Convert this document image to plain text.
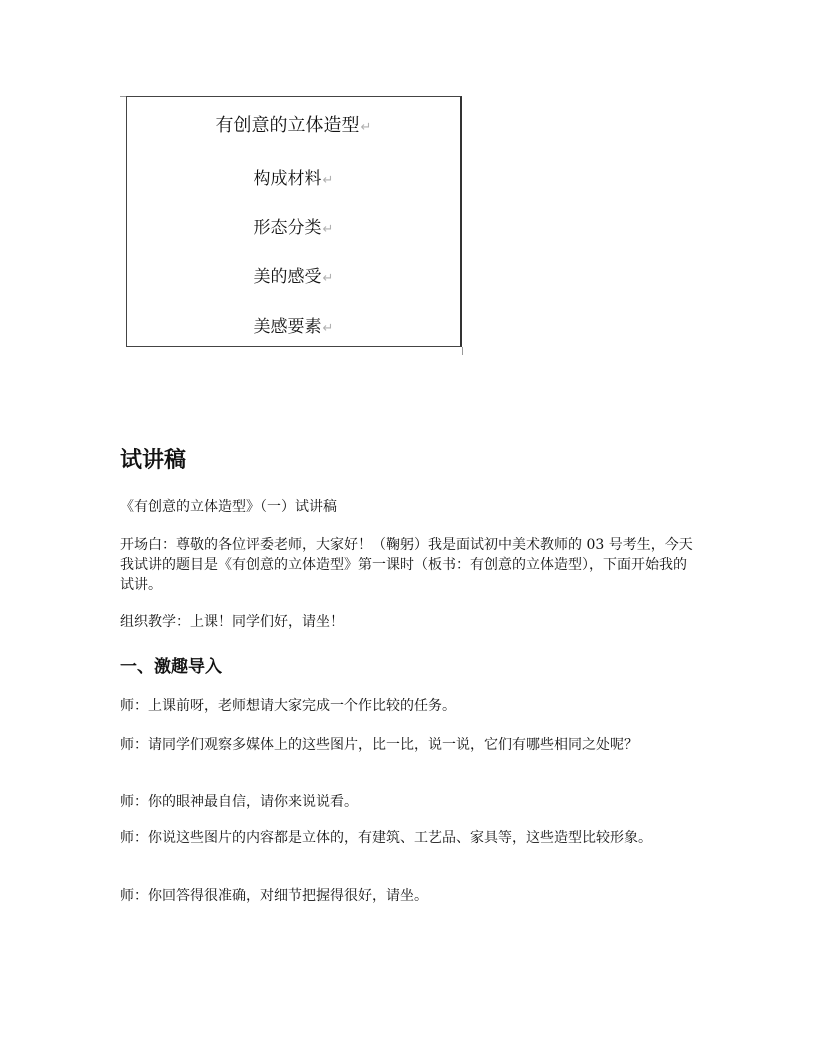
有创意的立体造型↵
构成材料↵
形态分类↵
美的感受↵
美感要素↵
试讲稿

《有创意的立体造型》（一）试讲稿

开场白：尊敬的各位评委老师，大家好！（鞠躬）我是面试初中美术教师的 03 号考生，今天我试讲的题目是《有创意的立体造型》第一课时（板书：有创意的立体造型），下面开始我的试讲。

组织教学：上课！同学们好，请坐！

一、激趣导入

师：上课前呀，老师想请大家完成一个作比较的任务。

师：请同学们观察多媒体上的这些图片，比一比，说一说，它们有哪些相同之处呢？

师：你的眼神最自信，请你来说说看。

师：你说这些图片的内容都是立体的，有建筑、工艺品、家具等，这些造型比较形象。

师：你回答得很准确，对细节把握得很好，请坐。
